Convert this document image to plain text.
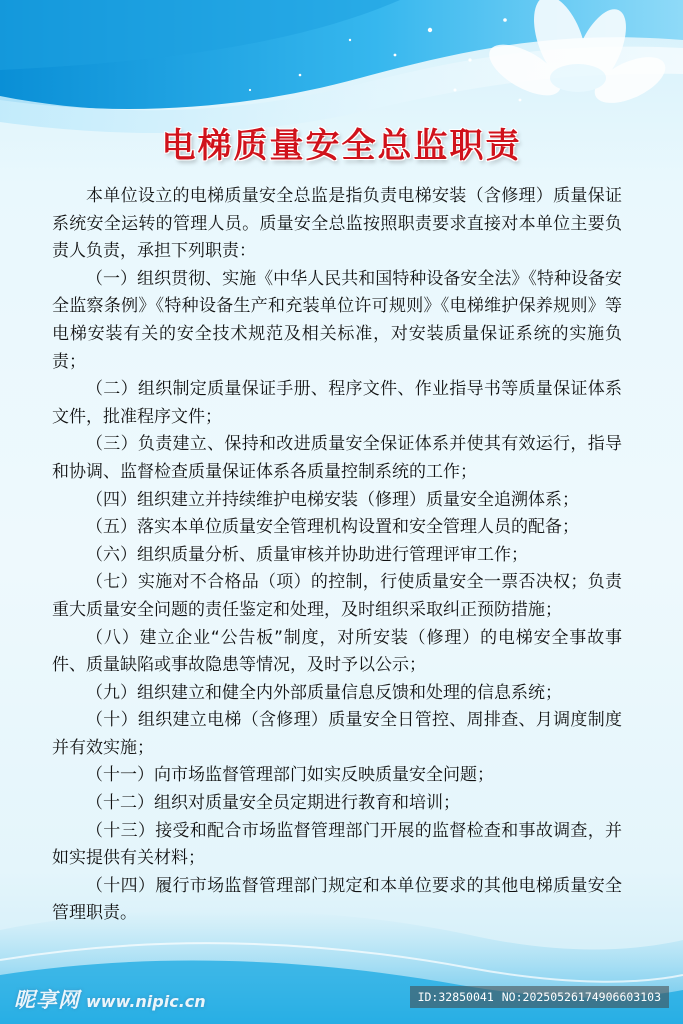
电梯质量安全总监职责

本单位设立的电梯质量安全总监是指负责电梯安装（含修理）质量保证系统安全运转的管理人员。质量安全总监按照职责要求直接对本单位主要负责人负责，承担下列职责：

（一）组织贯彻、实施《中华人民共和国特种设备安全法》《特种设备安全监察条例》《特种设备生产和充装单位许可规则》《电梯维护保养规则》等电梯安装有关的安全技术规范及相关标准，对安装质量保证系统的实施负责；

（二）组织制定质量保证手册、程序文件、作业指导书等质量保证体系文件，批准程序文件；

（三）负责建立、保持和改进质量安全保证体系并使其有效运行，指导和协调、监督检查质量保证体系各质量控制系统的工作；

（四）组织建立并持续维护电梯安装（修理）质量安全追溯体系；

（五）落实本单位质量安全管理机构设置和安全管理人员的配备；

（六）组织质量分析、质量审核并协助进行管理评审工作；

（七）实施对不合格品（项）的控制，行使质量安全一票否决权；负责重大质量安全问题的责任鉴定和处理，及时组织采取纠正预防措施；

（八）建立企业“公告板”制度，对所安装（修理）的电梯安全事故事件、质量缺陷或事故隐患等情况，及时予以公示；

（九）组织建立和健全内外部质量信息反馈和处理的信息系统；

（十）组织建立电梯（含修理）质量安全日管控、周排查、月调度制度并有效实施；

（十一）向市场监督管理部门如实反映质量安全问题；

（十二）组织对质量安全员定期进行教育和培训；

（十三）接受和配合市场监督管理部门开展的监督检查和事故调查，并如实提供有关材料；

（十四）履行市场监督管理部门规定和本单位要求的其他电梯质量安全管理职责。

昵享网 www.nipic.cn	ID:32850041 NO:20250526174906603103
